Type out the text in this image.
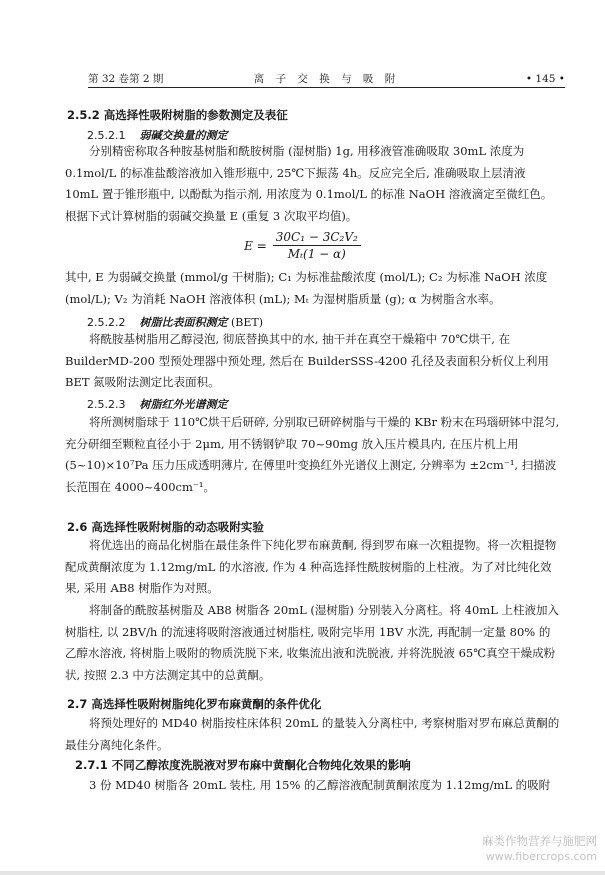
第 32 卷第 2 期	离 子 交 换 与 吸 附	• 145 •
2.5.2 高选择性吸附树脂的参数测定及表征
2.5.2.1 弱碱交换量的测定
分别精密称取各种胺基树脂和酰胺树脂 (湿树脂) 1g, 用移液管准确吸取 30mL 浓度为 0.1mol/L 的标准盐酸溶液加入锥形瓶中, 25℃下振荡 4h。反应完全后, 准确吸取上层清液 10mL 置于锥形瓶中, 以酚酞为指示剂, 用浓度为 0.1mol/L 的标准 NaOH 溶液滴定至微红色。根据下式计算树脂的弱碱交换量 E (重复 3 次取平均值)。
$E = \frac{\text{30C₁ − 3C₂V₂}}{\text{Mₜ(1 − α)}}$
其中, E 为弱碱交换量 (mmol/g 干树脂); C₁ 为标准盐酸浓度 (mol/L); C₂ 为标准 NaOH 浓度 (mol/L); V₂ 为消耗 NaOH 溶液体积 (mL); Mₜ 为湿树脂质量 (g); α 为树脂含水率。
2.5.2.2 树脂比表面积测定 (BET)
将酰胺基树脂用乙醇浸泡, 彻底替换其中的水, 抽干并在真空干燥箱中 70℃烘干, 在 BuilderMD-200 型预处理器中预处理, 然后在 BuilderSSS-4200 孔径及表面积分析仪上利用 BET 氮吸附法测定比表面积。
2.5.2.3 树脂红外光谱测定
将所测树脂球于 110℃烘干后研碎, 分别取已研碎树脂与干燥的 KBr 粉末在玛瑙研钵中混匀, 充分研细至颗粒直径小于 2μm, 用不锈钢铲取 70~90mg 放入压片模具内, 在压片机上用 (5~10)×10⁷Pa 压力压成透明薄片, 在傅里叶变换红外光谱仪上测定, 分辨率为 ±2cm⁻¹, 扫描波长范围在 4000~400cm⁻¹。
2.6 高选择性吸附树脂的动态吸附实验
将优选出的商品化树脂在最佳条件下纯化罗布麻黄酮, 得到罗布麻一次粗提物。将一次粗提物配成黄酮浓度为 1.12mg/mL 的水溶液, 作为 4 种高选择性酰胺树脂的上柱液。为了对比纯化效果, 采用 AB8 树脂作为对照。
将制备的酰胺基树脂及 AB8 树脂各 20mL (湿树脂) 分别装入分离柱。将 40mL 上柱液加入树脂柱, 以 2BV/h 的流速将吸附溶液通过树脂柱, 吸附完毕用 1BV 水洗, 再配制一定量 80% 的乙醇水溶液, 将树脂上吸附的物质洗脱下来, 收集流出液和洗脱液, 并将洗脱液 65℃真空干燥成粉状, 按照 2.3 中方法测定其中的总黄酮。
2.7 高选择性吸附树脂纯化罗布麻黄酮的条件优化
将预处理好的 MD40 树脂按柱床体积 20mL 的量装入分离柱中, 考察树脂对罗布麻总黄酮的最佳分离纯化条件。
2.7.1 不同乙醇浓度洗脱液对罗布麻中黄酮化合物纯化效果的影响
3 份 MD40 树脂各 20mL 装柱, 用 15% 的乙醇溶液配制黄酮浓度为 1.12mg/mL 的吸附
麻类作物营养与施肥网
www.fibercrops.com
